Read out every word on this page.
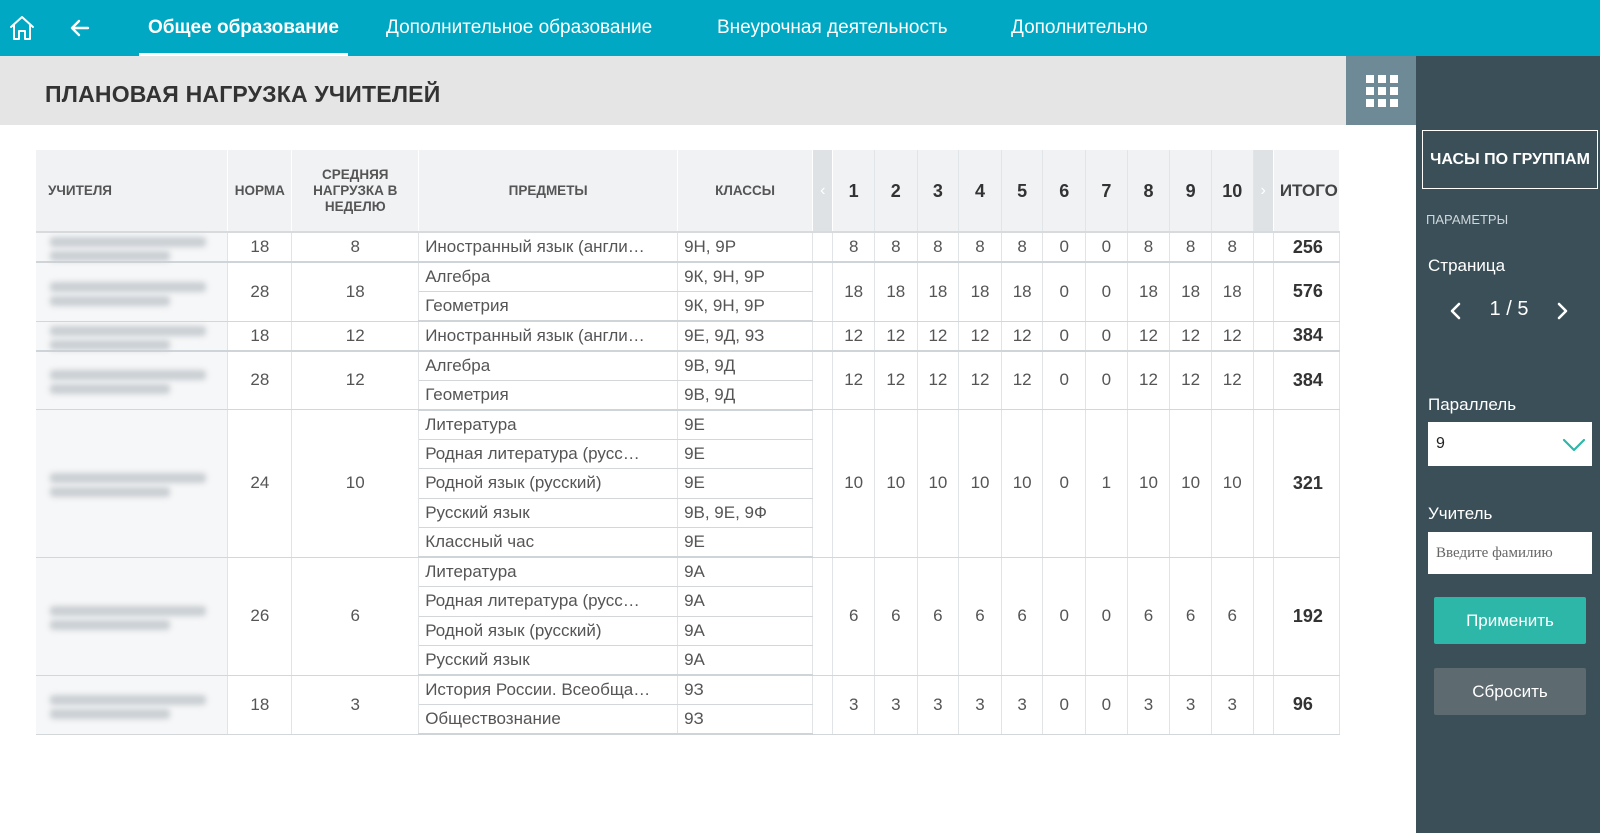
Общее образование Дополнительное образование	Внеурочная деятельность	Дополнительно
ПЛАНОВАЯ НАГРУЗКА УЧИТЕЛЕЙ
УЧИТЕЛЯ	НОРМА	СРЕДНЯЯ НАГРУЗКА В НЕДЕЛЮ	ПРЕДМЕТЫ	КЛАССЫ	‹	1	2	3	4	5	6	7	8	9	10	›	ИТОГО

	18	8	Иностранный язык (англи…	9Н, 9Р		8	8	8	8	8	0	0	8	8	8		256

	28	18	Алгебра	9К, 9Н, 9Р		18	18	18	18	18	0	0	18	18	18		576
			Геометрия	9К, 9Н, 9Р													

	18	12	Иностранный язык (англи…	9Е, 9Д, 9З		12	12	12	12	12	0	0	12	12	12		384

	28	12	Алгебра	9В, 9Д		12	12	12	12	12	0	0	12	12	12		384
			Геометрия	9В, 9Д													

	24	10	Литература	9Е		10	10	10	10	10	0	1	10	10	10		321
			Родная литература (русс…	9Е													
			Родной язык (русский)	9Е													
			Русский язык	9В, 9Е, 9Ф													
			Классный час	9Е													

	26	6	Литература	9А		6	6	6	6	6	0	0	6	6	6		192
			Родная литература (русс…	9А													
			Родной язык (русский)	9А													
			Русский язык	9А													

	18	3	История России. Всеобща…	9З		3	3	3	3	3	0	0	3	3	3		96
			Обществознание	9З													
ЧАСЫ ПО ГРУППАМ
ПАРАМЕТРЫ
Страница
1 / 5
Параллель
9
Учитель
Введите фамилию
Применить
Сбросить
